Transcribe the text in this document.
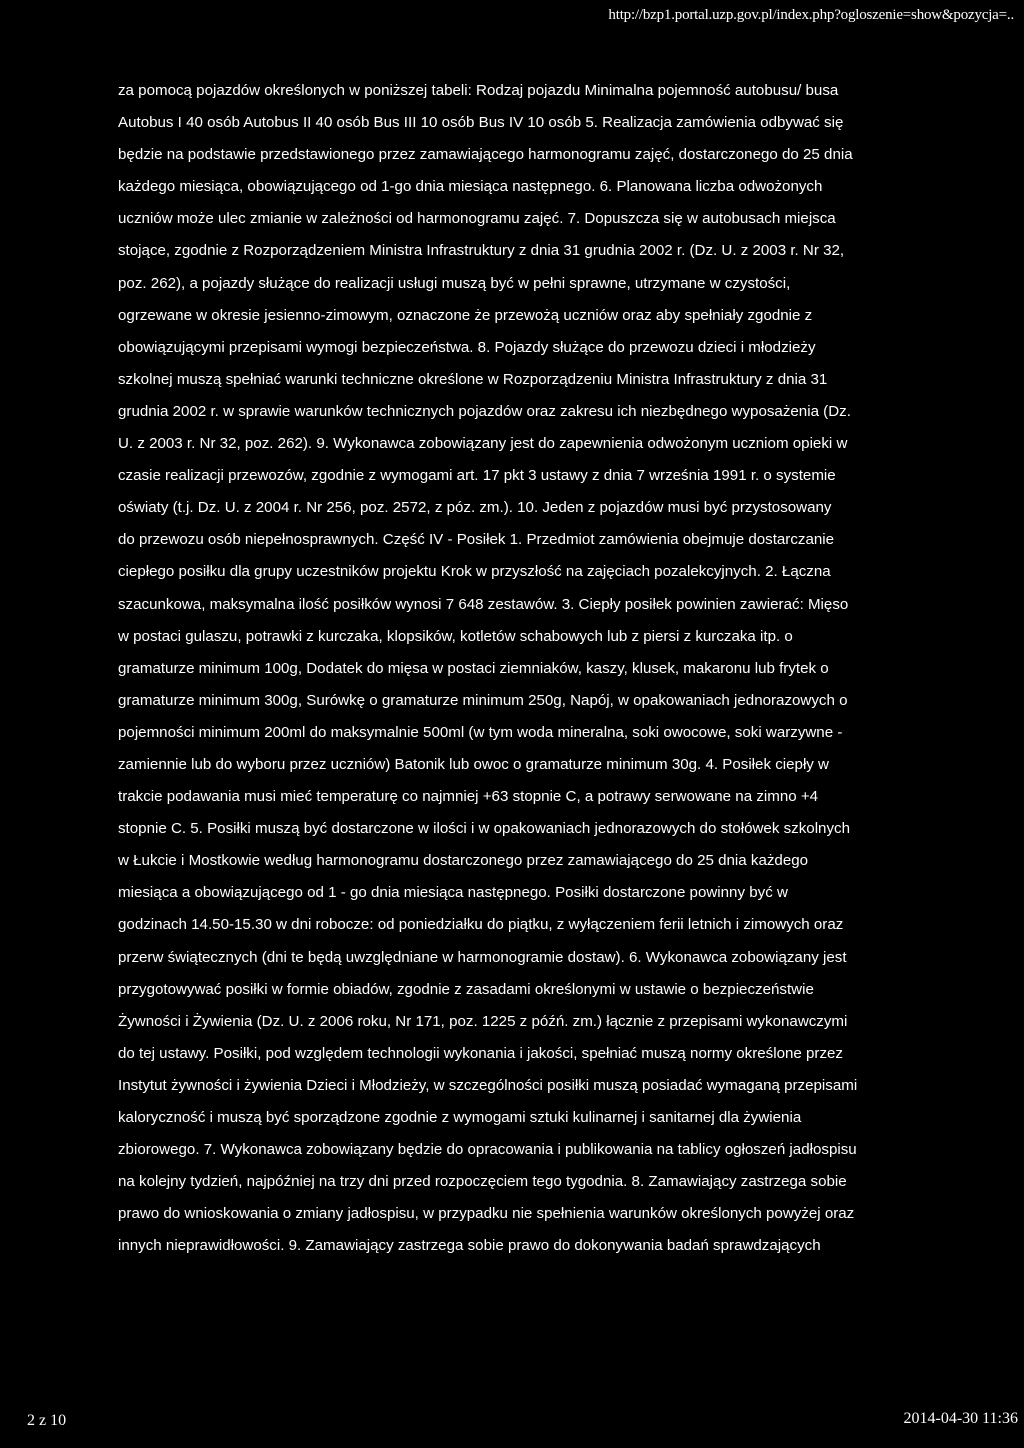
http://bzp1.portal.uzp.gov.pl/index.php?ogloszenie=show&pozycja=..
za pomocą pojazdów określonych w poniższej tabeli: Rodzaj pojazdu Minimalna pojemność autobusu/ busa
Autobus I 40 osób Autobus II 40 osób Bus III 10 osób Bus IV 10 osób 5. Realizacja zamówienia odbywać się
będzie na podstawie przedstawionego przez zamawiającego harmonogramu zajęć, dostarczonego do 25 dnia
każdego miesiąca, obowiązującego od 1-go dnia miesiąca następnego. 6. Planowana liczba odwożonych
uczniów może ulec zmianie w zależności od harmonogramu zajęć. 7. Dopuszcza się w autobusach miejsca
stojące, zgodnie z Rozporządzeniem Ministra Infrastruktury z dnia 31 grudnia 2002 r. (Dz. U. z 2003 r. Nr 32,
poz. 262), a pojazdy służące do realizacji usługi muszą być w pełni sprawne, utrzymane w czystości,
ogrzewane w okresie jesienno-zimowym, oznaczone że przewożą uczniów oraz aby spełniały zgodnie z
obowiązującymi przepisami wymogi bezpieczeństwa. 8. Pojazdy służące do przewozu dzieci i młodzieży
szkolnej muszą spełniać warunki techniczne określone w Rozporządzeniu Ministra Infrastruktury z dnia 31
grudnia 2002 r. w sprawie warunków technicznych pojazdów oraz zakresu ich niezbędnego wyposażenia (Dz.
U. z 2003 r. Nr 32, poz. 262). 9. Wykonawca zobowiązany jest do zapewnienia odwożonym uczniom opieki w
czasie realizacji przewozów, zgodnie z wymogami art. 17 pkt 3 ustawy z dnia 7 września 1991 r. o systemie
oświaty (t.j. Dz. U. z 2004 r. Nr 256, poz. 2572, z póz. zm.). 10. Jeden z pojazdów musi być przystosowany
do przewozu osób niepełnosprawnych. Część IV - Posiłek 1. Przedmiot zamówienia obejmuje dostarczanie
ciepłego posiłku dla grupy uczestników projektu Krok w przyszłość na zajęciach pozalekcyjnych. 2. Łączna
szacunkowa, maksymalna ilość posiłków wynosi 7 648 zestawów. 3. Ciepły posiłek powinien zawierać: Mięso
w postaci gulaszu, potrawki z kurczaka, klopsików, kotletów schabowych lub z piersi z kurczaka itp. o
gramaturze minimum 100g, Dodatek do mięsa w postaci ziemniaków, kaszy, klusek, makaronu lub frytek o
gramaturze minimum 300g, Surówkę o gramaturze minimum 250g, Napój, w opakowaniach jednorazowych o
pojemności minimum 200ml do maksymalnie 500ml (w tym woda mineralna, soki owocowe, soki warzywne -
zamiennie lub do wyboru przez uczniów) Batonik lub owoc o gramaturze minimum 30g. 4. Posiłek ciepły w
trakcie podawania musi mieć temperaturę co najmniej +63 stopnie C, a potrawy serwowane na zimno +4
stopnie C. 5. Posiłki muszą być dostarczone w ilości i w opakowaniach jednorazowych do stołówek szkolnych
w Łukcie i Mostkowie według harmonogramu dostarczonego przez zamawiającego do 25 dnia każdego
miesiąca a obowiązującego od 1 - go dnia miesiąca następnego. Posiłki dostarczone powinny być w
godzinach 14.50-15.30 w dni robocze: od poniedziałku do piątku, z wyłączeniem ferii letnich i zimowych oraz
przerw świątecznych (dni te będą uwzględniane w harmonogramie dostaw). 6. Wykonawca zobowiązany jest
przygotowywać posiłki w formie obiadów, zgodnie z zasadami określonymi w ustawie o bezpieczeństwie
Żywności i Żywienia (Dz. U. z 2006 roku, Nr 171, poz. 1225 z późń. zm.) łącznie z przepisami wykonawczymi
do tej ustawy. Posiłki, pod względem technologii wykonania i jakości, spełniać muszą normy określone przez
Instytut żywności i żywienia Dzieci i Młodzieży, w szczególności posiłki muszą posiadać wymaganą przepisami
kaloryczność i muszą być sporządzone zgodnie z wymogami sztuki kulinarnej i sanitarnej dla żywienia
zbiorowego. 7. Wykonawca zobowiązany będzie do opracowania i publikowania na tablicy ogłoszeń jadłospisu
na kolejny tydzień, najpóźniej na trzy dni przed rozpoczęciem tego tygodnia. 8. Zamawiający zastrzega sobie
prawo do wnioskowania o zmiany jadłospisu, w przypadku nie spełnienia warunków określonych powyżej oraz
innych nieprawidłowości. 9. Zamawiający zastrzega sobie prawo do dokonywania badań sprawdzających
2 z 10	2014-04-30 11:36
